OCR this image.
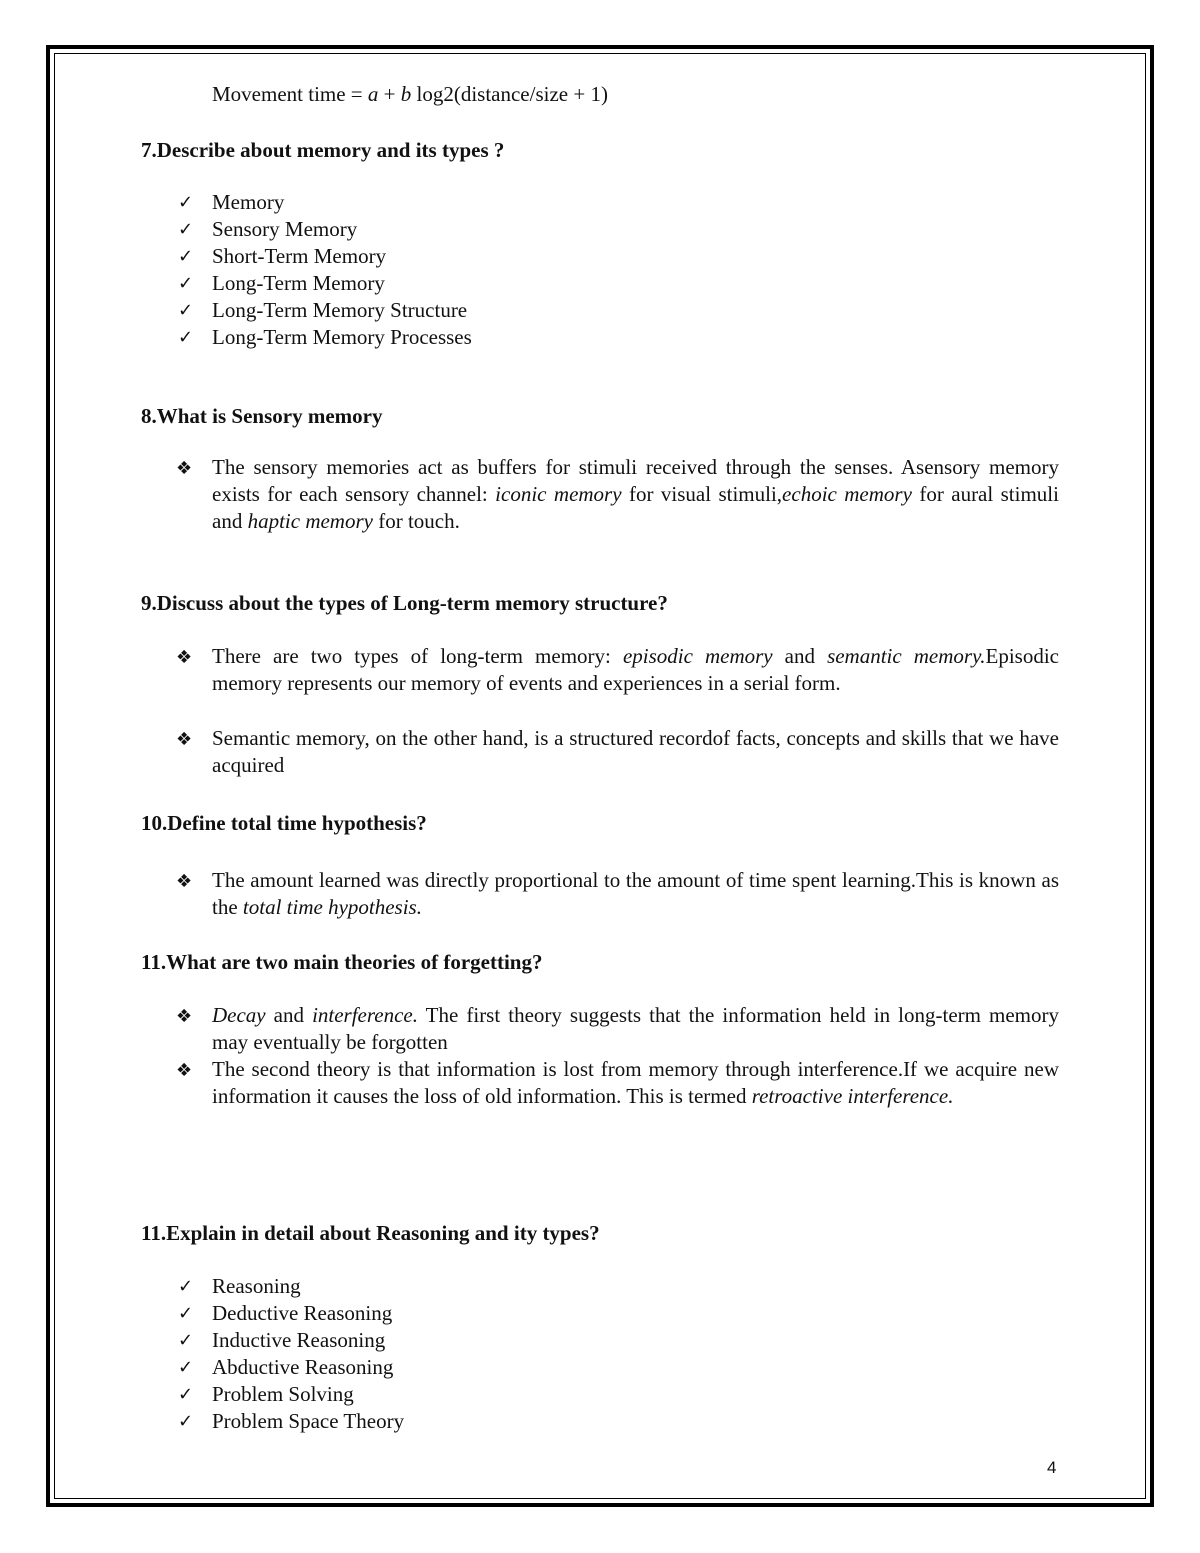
Movement time = a + b log2(distance/size + 1)
7.Describe about memory and its types ?
✓ Memory
✓ Sensory Memory
✓ Short-Term Memory
✓ Long-Term Memory
✓ Long-Term Memory Structure
✓ Long-Term Memory Processes
8.What is Sensory memory
❖ The sensory memories act as buffers for stimuli received through the senses. Asensory memory exists for each sensory channel: iconic memory for visual stimuli,echoic memory for aural stimuli and haptic memory for touch.
9.Discuss about the types of Long-term memory structure?
❖ There are two types of long-term memory: episodic memory and semantic memory.Episodic memory represents our memory of events and experiences in a serial form.
❖ Semantic memory, on the other hand, is a structured recordof facts, concepts and skills that we have acquired
10.Define total time hypothesis?
❖ The amount learned was directly proportional to the amount of time spent learning.This is known as the total time hypothesis.
11.What are two main theories of forgetting?
❖ Decay and interference. The first theory suggests that the information held in long-term memory may eventually be forgotten
❖ The second theory is that information is lost from memory through interference.If we acquire new information it causes the loss of old information. This is termed retroactive interference.
11.Explain in detail about Reasoning and ity types?
✓ Reasoning
✓ Deductive Reasoning
✓ Inductive Reasoning
✓ Abductive Reasoning
✓ Problem Solving
✓ Problem Space Theory
4
